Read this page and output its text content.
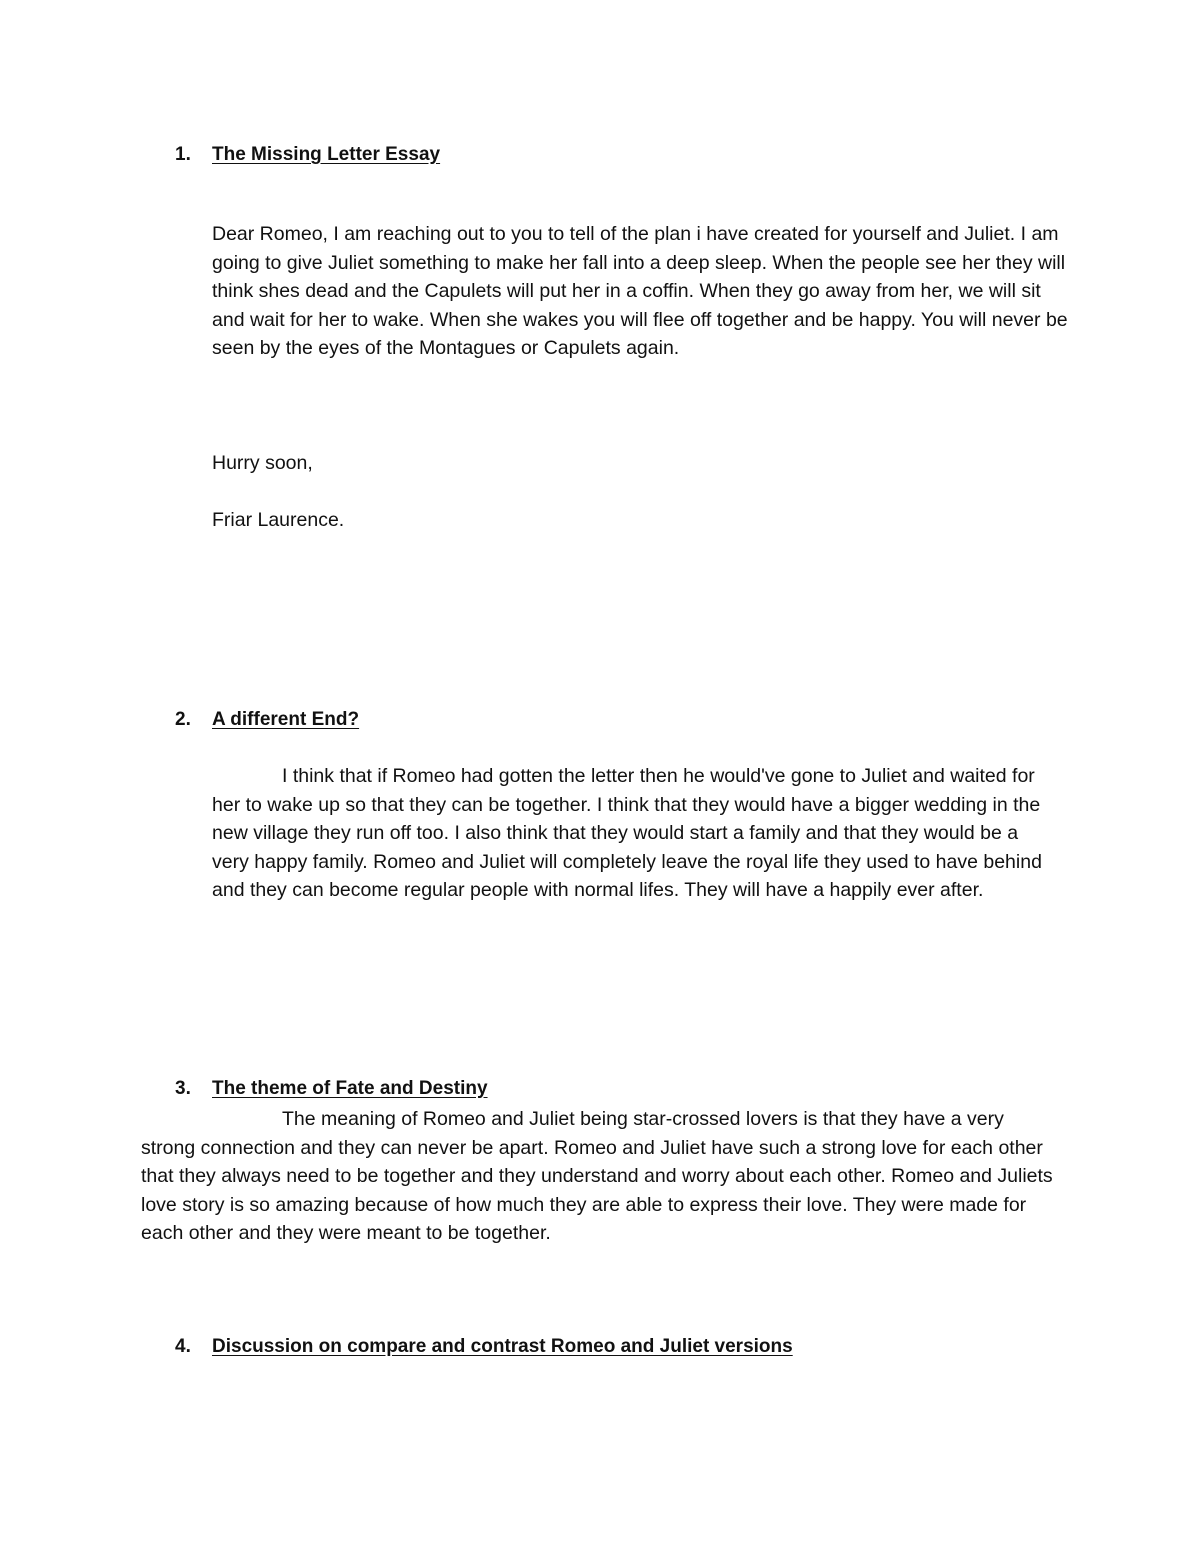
1. The Missing Letter Essay

Dear Romeo, I am reaching out to you to tell of the plan i have created for yourself and Juliet. I am going to give Juliet something to make her fall into a deep sleep. When the people see her they will think shes dead and the Capulets will put her in a coffin. When they go away from her, we will sit and wait for her to wake. When she wakes you will flee off together and be happy. You will never be seen by the eyes of the Montagues or Capulets again.

Hurry soon,

Friar Laurence.

2. A different End?

I think that if Romeo had gotten the letter then he would've gone to Juliet and waited for her to wake up so that they can be together. I think that they would have a bigger wedding in the new village they run off too. I also think that they would start a family and that they would be a very happy family. Romeo and Juliet will completely leave the royal life they used to have behind and they can become regular people with normal lifes. They will have a happily ever after.

3. The theme of Fate and Destiny

The meaning of Romeo and Juliet being star-crossed lovers is that they have a very strong connection and they can never be apart. Romeo and Juliet have such a strong love for each other that they always need to be together and they understand and worry about each other. Romeo and Juliets love story is so amazing because of how much they are able to express their love. They were made for each other and they were meant to be together.

4. Discussion on compare and contrast Romeo and Juliet versions
